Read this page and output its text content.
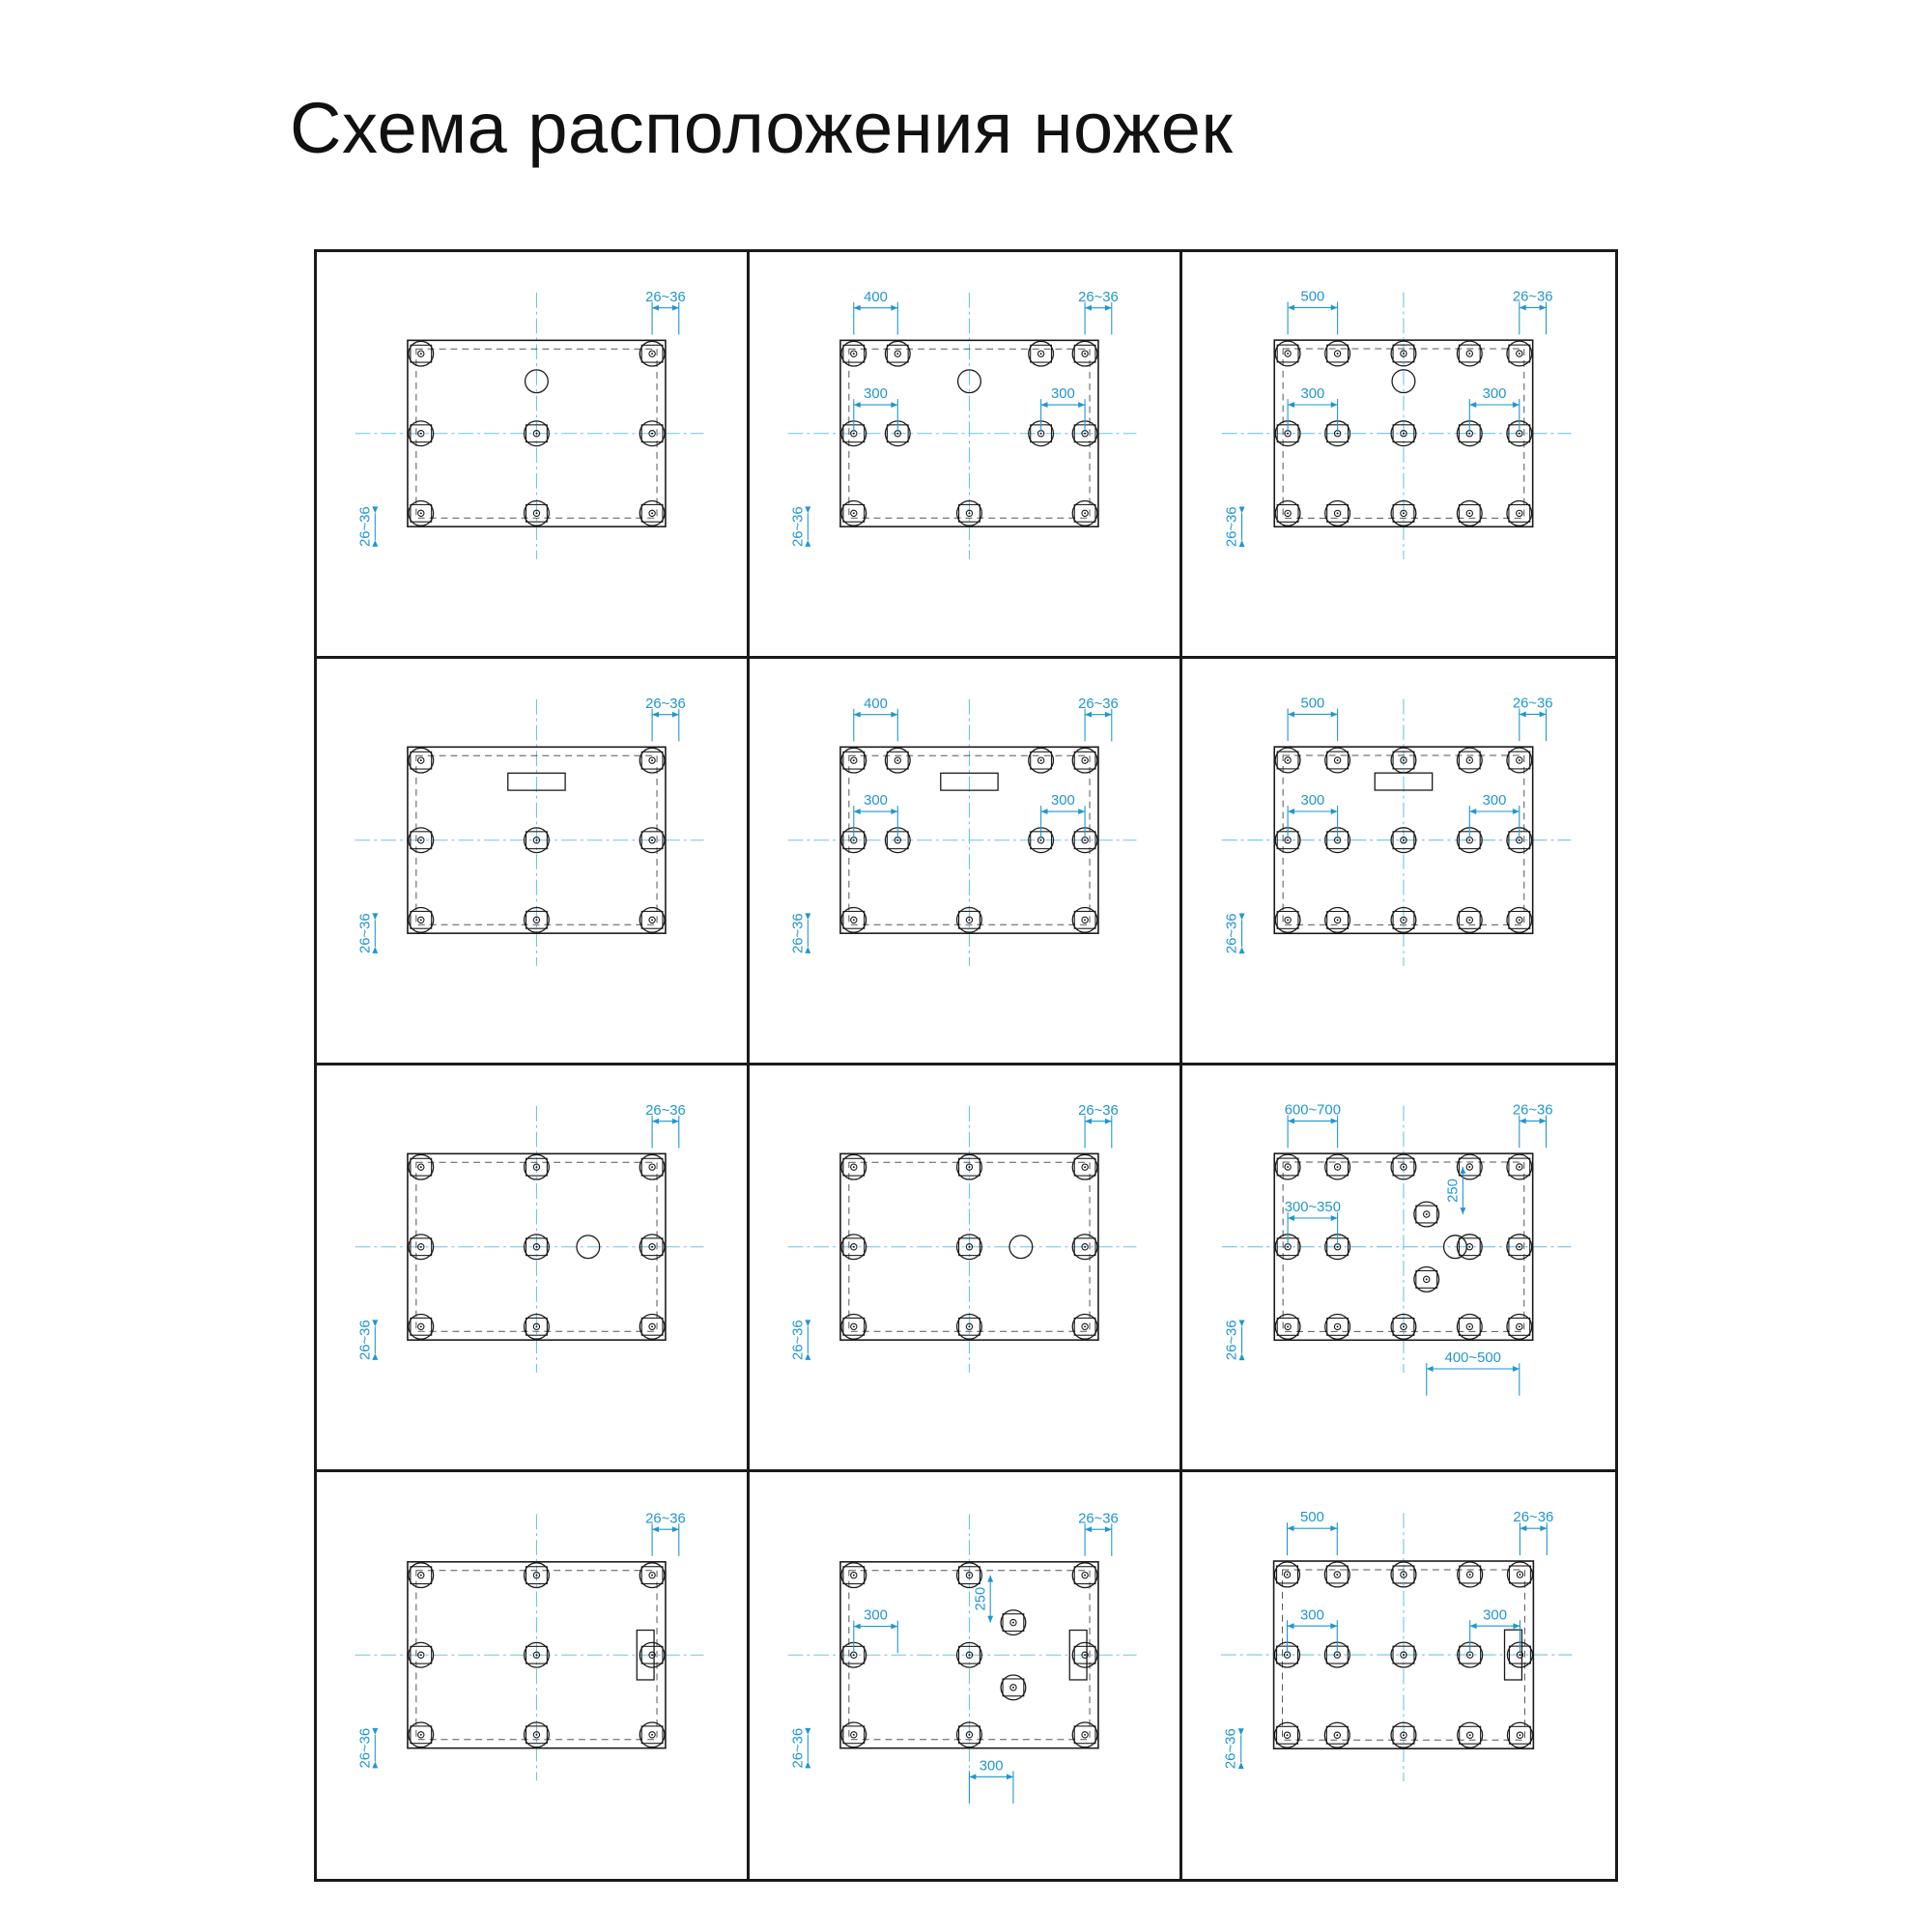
Схема расположения ножек
26~36
26~36
26~36
26~36
400
300	300
26~36
26~36
500
300	300
26~36
26~36
26~36
26~36
400
300	300
26~36
26~36
500
300	300
26~36
26~36
26~36
26~36
26~36
26~36
600~700
300~350
250
400~500
26~36
26~36
26~36
26~36
300
250
300
26~36
26~36
500
300	300
